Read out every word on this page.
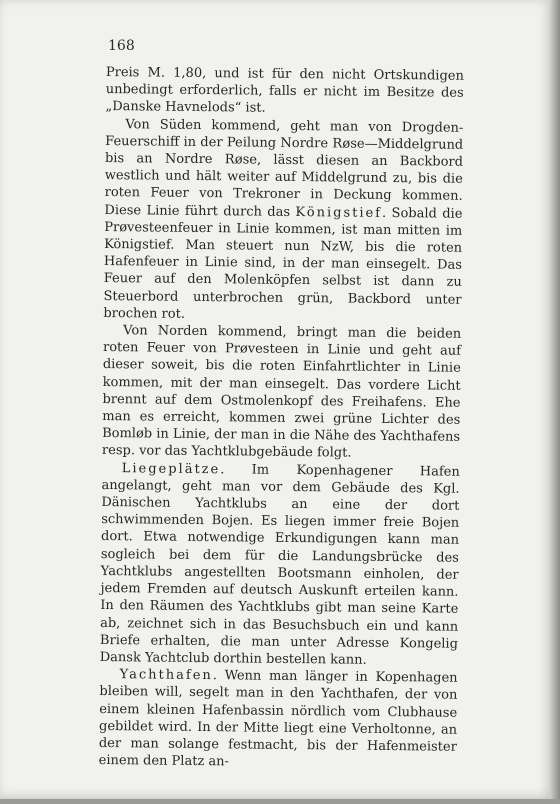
168

Preis M. 1,80, und ist für den nicht Ortskundigen unbedingt erforderlich, falls er nicht im Besitze des „Danske Havnelods“ ist.

Von Süden kommend, geht man von Drogden-Feuerschiff in der Peilung Nordre Røse—Middelgrund bis an Nordre Røse, lässt diesen an Backbord westlich und hält weiter auf Middelgrund zu, bis die roten Feuer von Trekroner in Deckung kommen. Diese Linie führt durch das Königstief. Sobald die Prøvesteenfeuer in Linie kommen, ist man mitten im Königstief. Man steuert nun NzW, bis die roten Hafenfeuer in Linie sind, in der man einsegelt. Das Feuer auf den Molenköpfen selbst ist dann zu Steuerbord unterbrochen grün, Backbord unter brochen rot.

Von Norden kommend, bringt man die beiden roten Feuer von Prøvesteen in Linie und geht auf dieser soweit, bis die roten Einfahrtlichter in Linie kommen, mit der man einsegelt. Das vordere Licht brennt auf dem Ostmolenkopf des Freihafens. Ehe man es erreicht, kommen zwei grüne Lichter des Bomløb in Linie, der man in die Nähe des Yachthafens resp. vor das Yachtklubgebäude folgt.

Liegeplätze. Im Kopenhagener Hafen angelangt, geht man vor dem Gebäude des Kgl. Dänischen Yachtklubs an eine der dort schwimmenden Bojen. Es liegen immer freie Bojen dort. Etwa notwendige Erkundigungen kann man sogleich bei dem für die Landungsbrücke des Yachtklubs angestellten Bootsmann einholen, der jedem Fremden auf deutsch Auskunft erteilen kann. In den Räumen des Yachtklubs gibt man seine Karte ab, zeichnet sich in das Besuchsbuch ein und kann Briefe erhalten, die man unter Adresse Kongelig Dansk Yachtclub dorthin bestellen kann.

Yachthafen. Wenn man länger in Kopenhagen bleiben will, segelt man in den Yachthafen, der von einem kleinen Hafenbassin nördlich vom Clubhause gebildet wird. In der Mitte liegt eine Verholtonne, an der man solange festmacht, bis der Hafenmeister einem den Platz an-
